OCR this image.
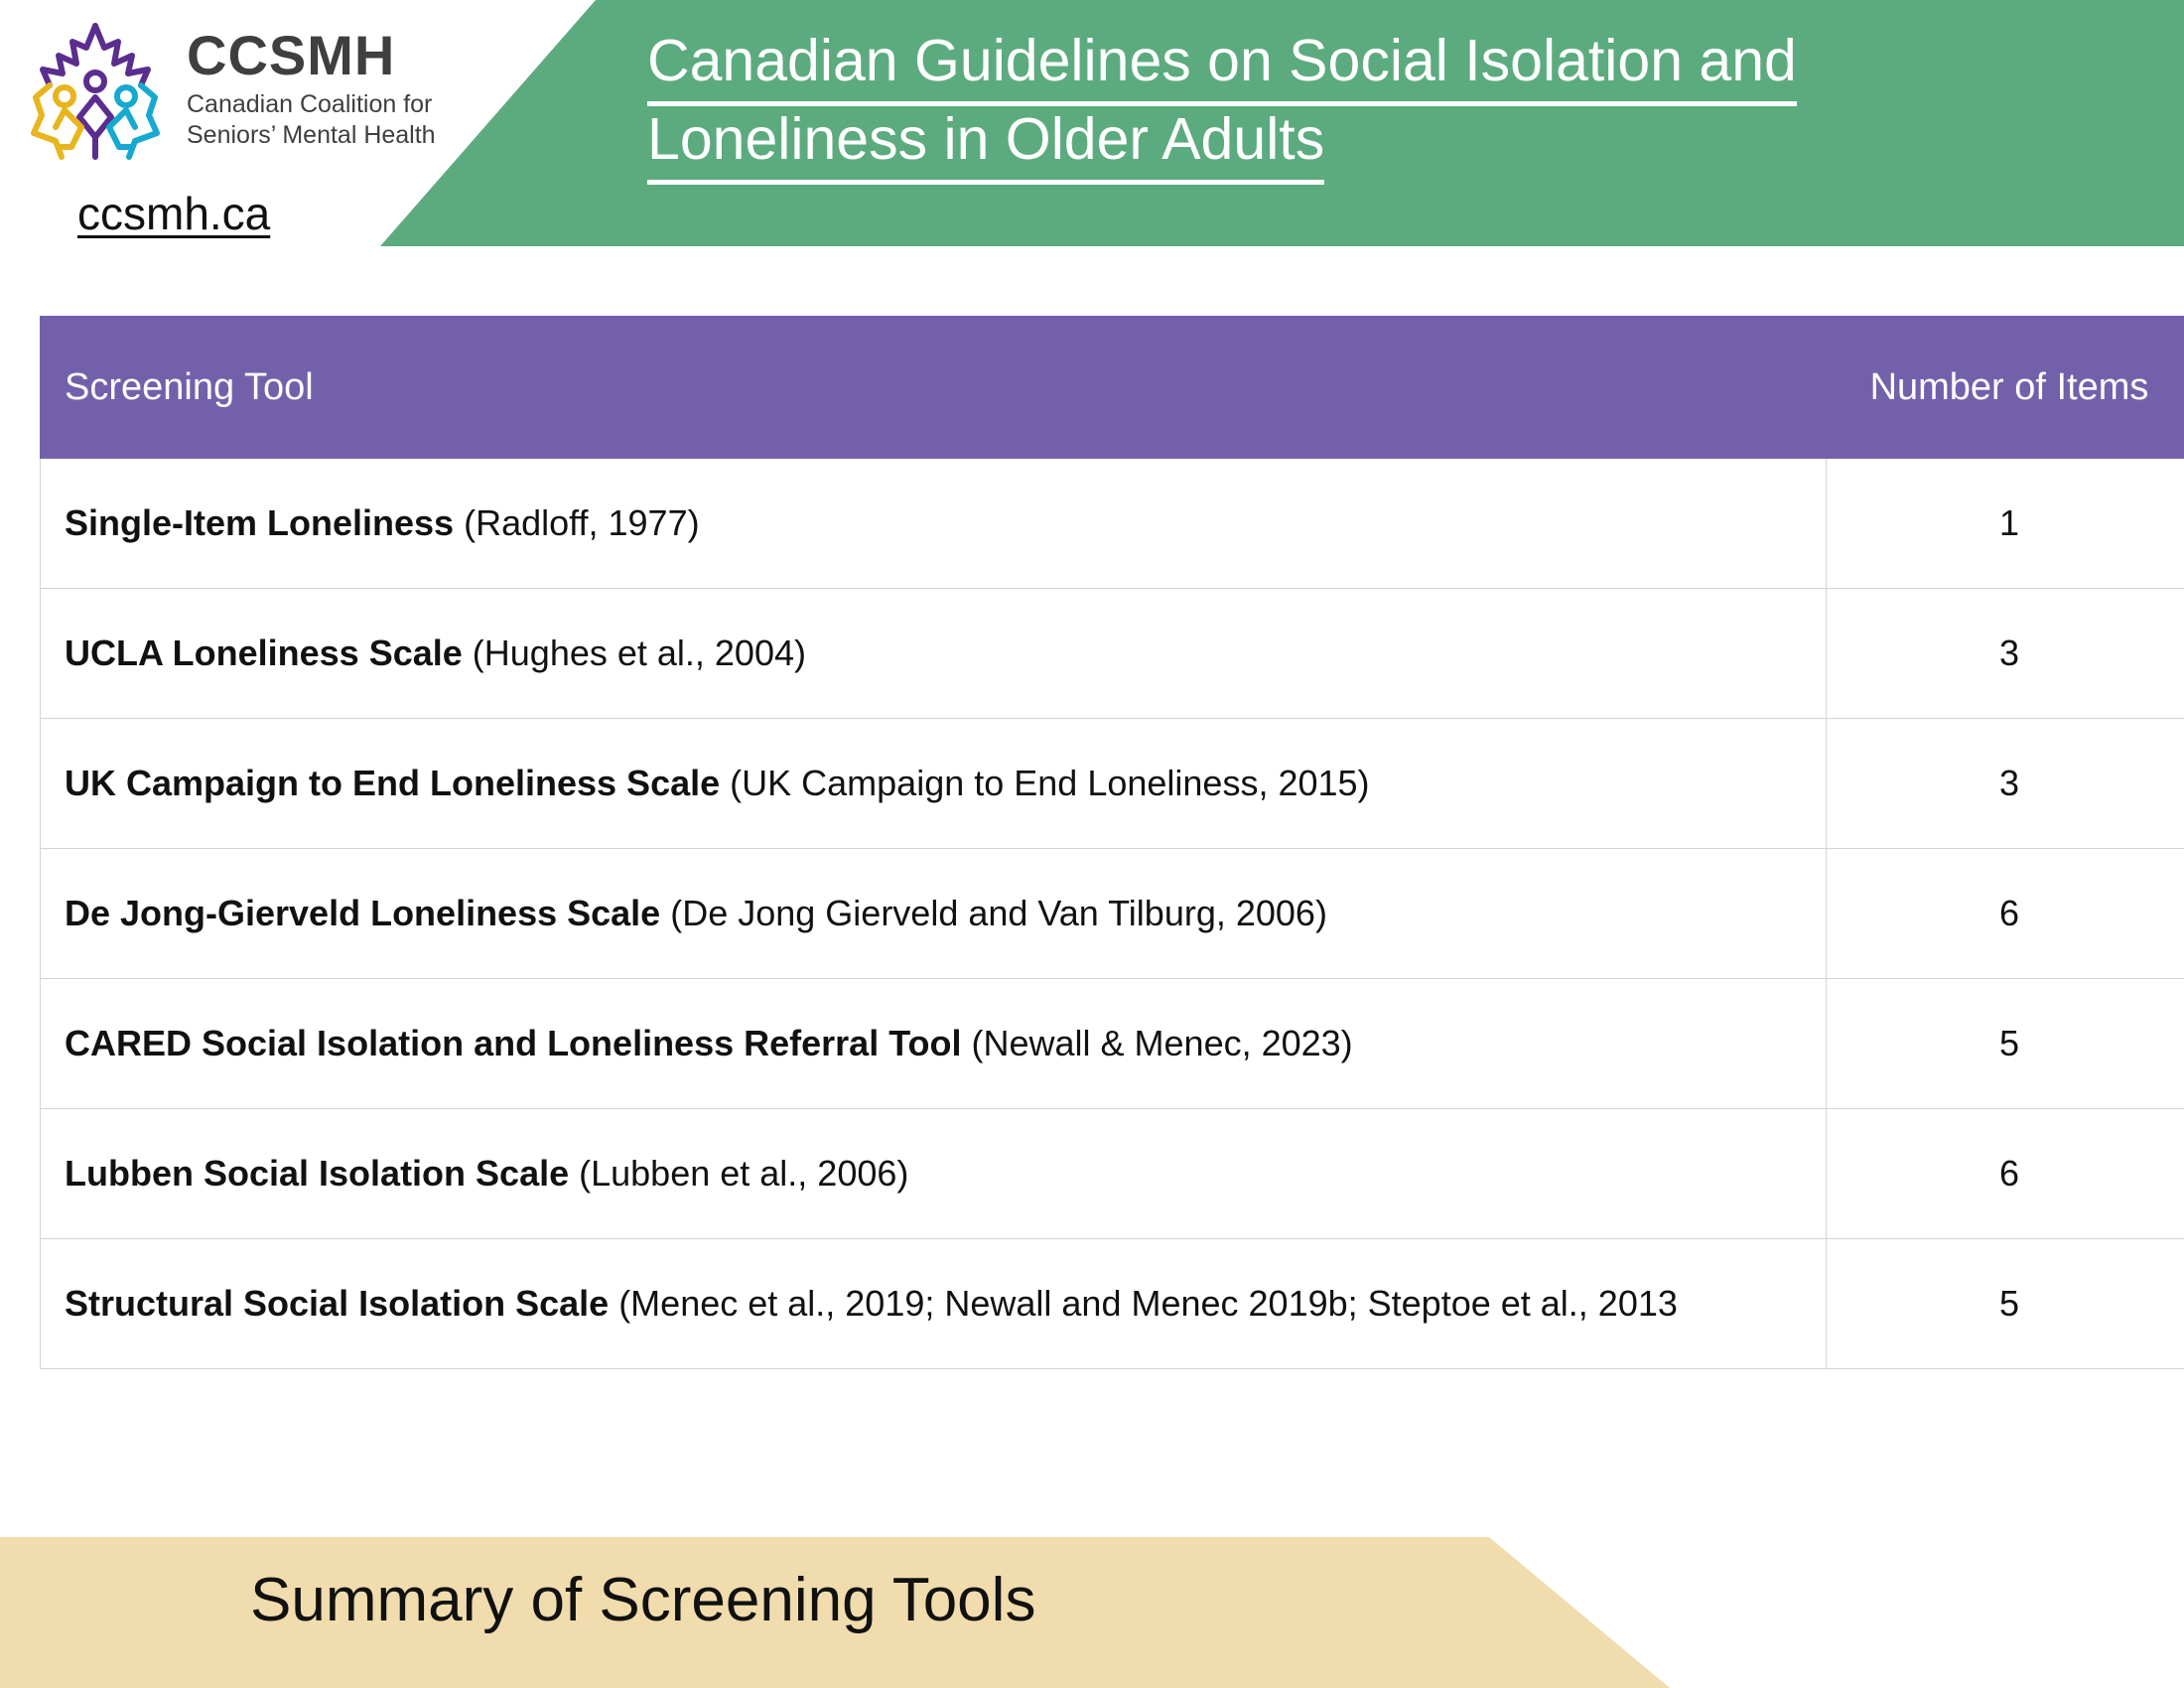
CCSMH
Canadian Coalition for
Seniors’ Mental Health
ccsmh.ca
Canadian Guidelines on Social Isolation and
Loneliness in Older Adults
Screening Tool	Number of Items
Single-Item Loneliness (Radloff, 1977)	1
UCLA Loneliness Scale (Hughes et al., 2004)	3
UK Campaign to End Loneliness Scale (UK Campaign to End Loneliness, 2015)	3
De Jong-Gierveld Loneliness Scale (De Jong Gierveld and Van Tilburg, 2006)	6
CARED Social Isolation and Loneliness Referral Tool (Newall & Menec, 2023)	5
Lubben Social Isolation Scale (Lubben et al., 2006)	6
Structural Social Isolation Scale (Menec et al., 2019; Newall and Menec 2019b; Steptoe et al., 2013	5
Summary of Screening Tools
